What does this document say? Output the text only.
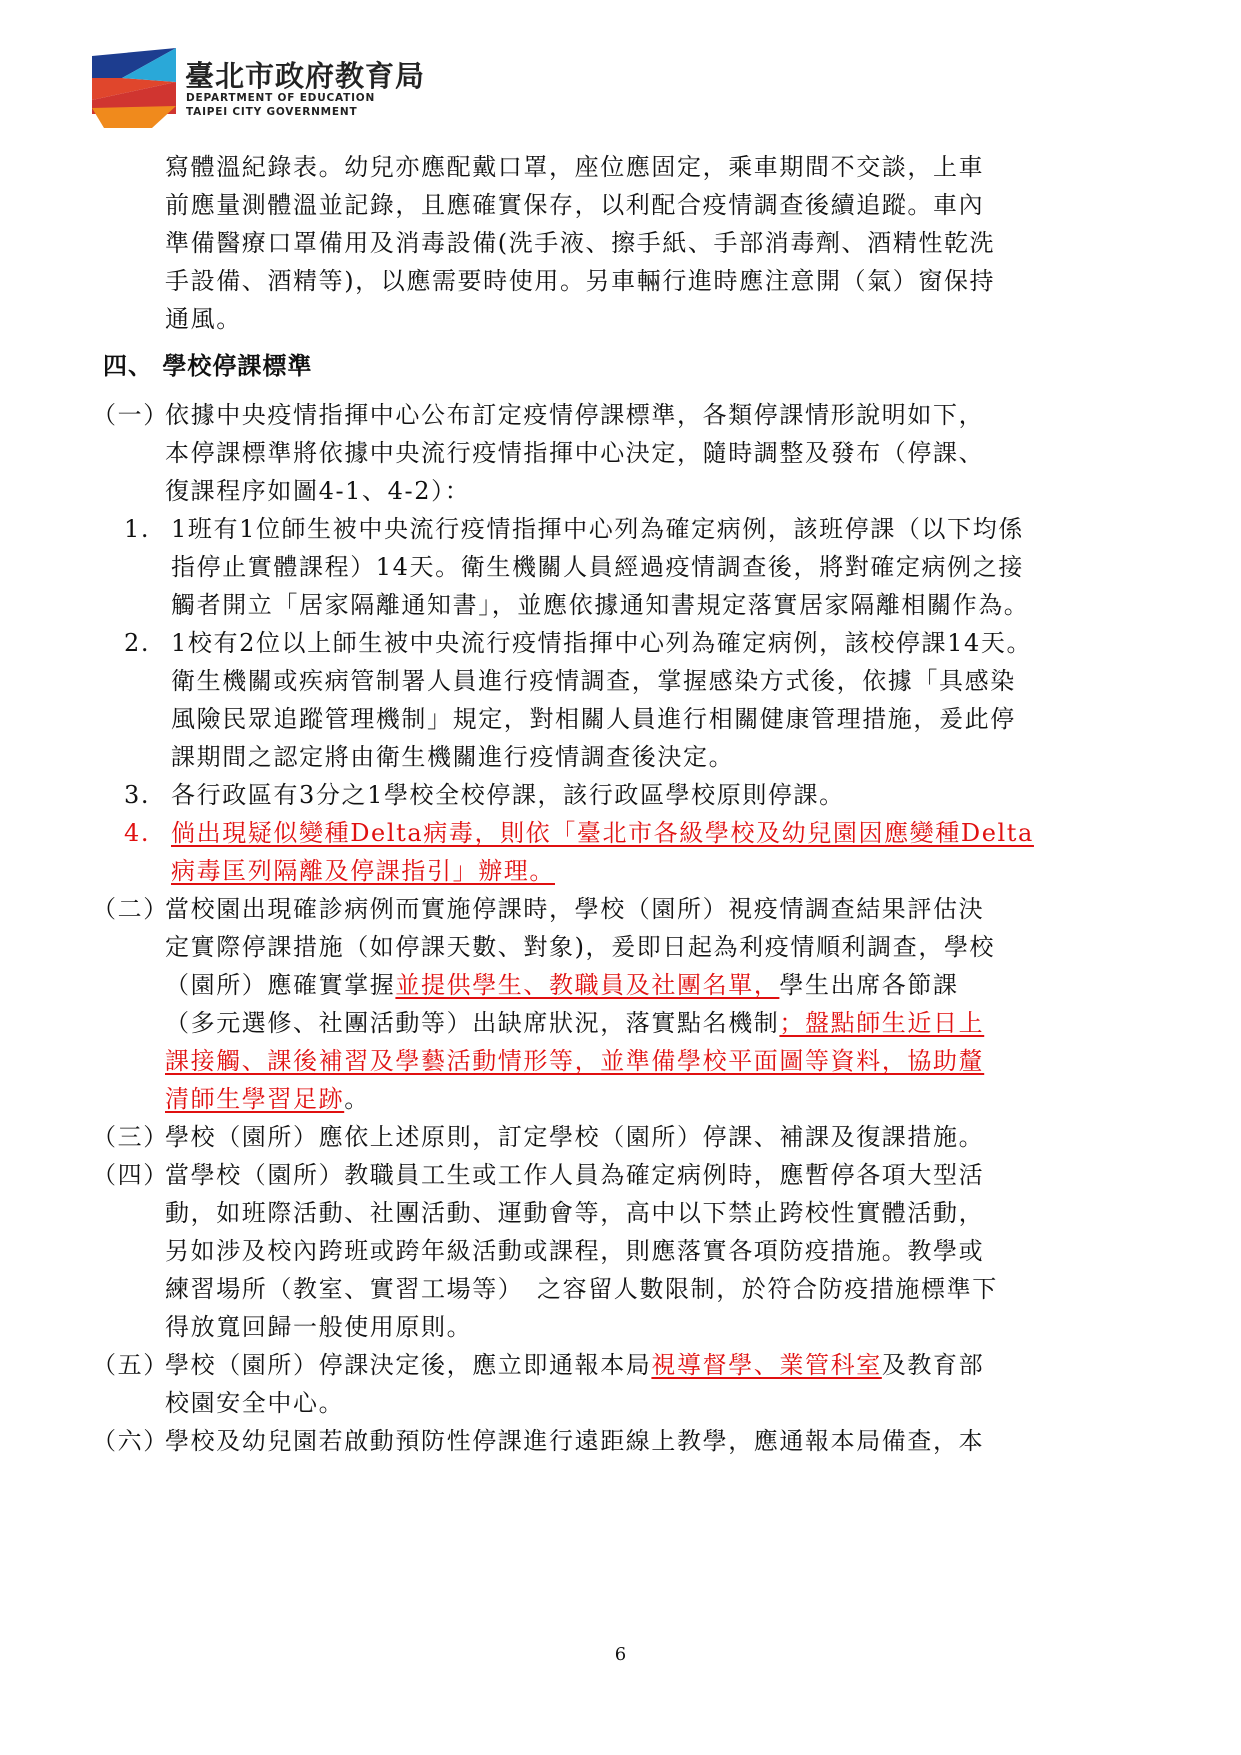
臺北市政府教育局
DEPARTMENT OF EDUCATION
TAIPEI CITY GOVERNMENT
寫體溫紀錄表。幼兒亦應配戴口罩，座位應固定，乘車期間不交談，上車
前應量測體溫並記錄，且應確實保存，以利配合疫情調查後續追蹤。車內
準備醫療口罩備用及消毒設備(洗手液、擦手紙、手部消毒劑、酒精性乾洗
手設備、酒精等)，以應需要時使用。另車輛行進時應注意開（氣）窗保持
通風。
四、 學校停課標準
（一）
依據中央疫情指揮中心公布訂定疫情停課標準，各類停課情形說明如下，
本停課標準將依據中央流行疫情指揮中心決定，隨時調整及發布（停課、
復課程序如圖4-1、4-2）：
1. 1班有1位師生被中央流行疫情指揮中心列為確定病例，該班停課（以下均係
指停止實體課程）14天。衛生機關人員經過疫情調查後，將對確定病例之接
觸者開立「居家隔離通知書」，並應依據通知書規定落實居家隔離相關作為。
2. 1校有2位以上師生被中央流行疫情指揮中心列為確定病例，該校停課14天。
衛生機關或疾病管制署人員進行疫情調查，掌握感染方式後，依據「具感染
風險民眾追蹤管理機制」規定，對相關人員進行相關健康管理措施，爰此停
課期間之認定將由衛生機關進行疫情調查後決定。
3. 各行政區有3分之1學校全校停課，該行政區學校原則停課。
4. 倘出現疑似變種Delta病毒，則依「臺北市各級學校及幼兒園因應變種Delta
病毒匡列隔離及停課指引」辦理。
（二）
當校園出現確診病例而實施停課時，學校（園所）視疫情調查結果評估決
定實際停課措施（如停課天數、對象)，爰即日起為利疫情順利調查，學校
（園所）應確實掌握並提供學生、教職員及社團名單，學生出席各節課
（多元選修、社團活動等）出缺席狀況，落實點名機制；盤點師生近日上
課接觸、課後補習及學藝活動情形等，並準備學校平面圖等資料，協助釐
清師生學習足跡。
（三）
學校（園所）應依上述原則，訂定學校（園所）停課、補課及復課措施。
（四）
當學校（園所）教職員工生或工作人員為確定病例時，應暫停各項大型活
動，如班際活動、社團活動、運動會等，高中以下禁止跨校性實體活動，
另如涉及校內跨班或跨年級活動或課程，則應落實各項防疫措施。教學或
練習場所（教室、實習工場等）　之容留人數限制，於符合防疫措施標準下
得放寬回歸一般使用原則。
（五）
學校（園所）停課決定後，應立即通報本局視導督學、業管科室及教育部
校園安全中心。
（六）
學校及幼兒園若啟動預防性停課進行遠距線上教學，應通報本局備查，本
6
